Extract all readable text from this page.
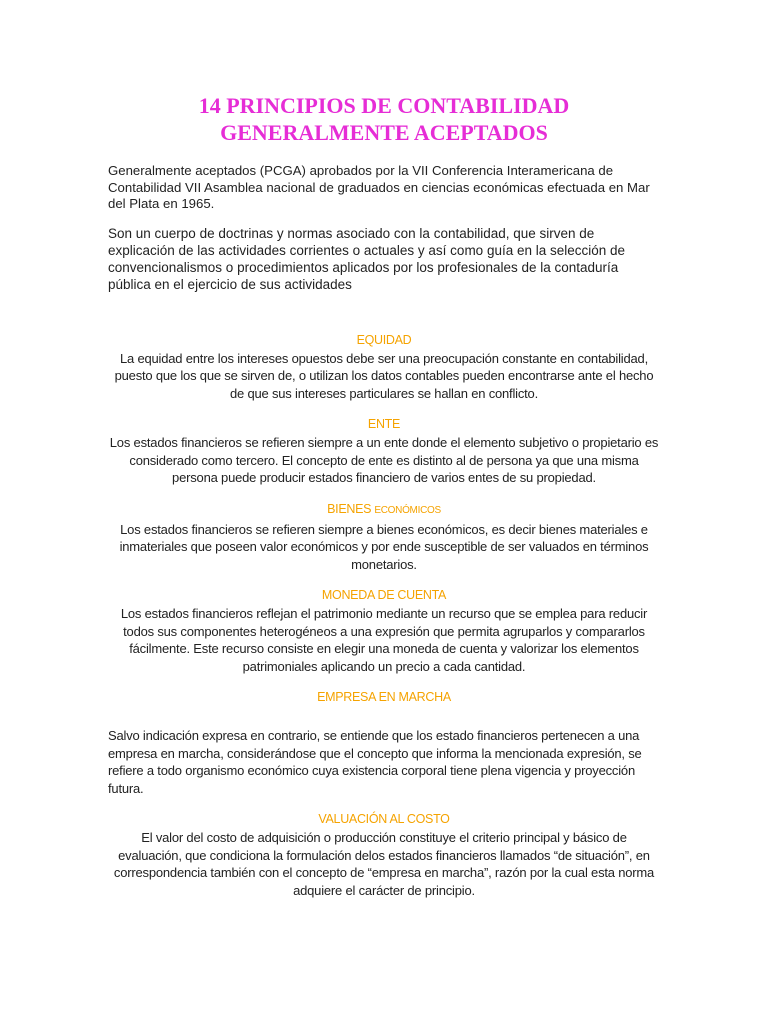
14 PRINCIPIOS DE CONTABILIDAD
GENERALMENTE ACEPTADOS

Generalmente aceptados (PCGA) aprobados por la VII Conferencia Interamericana de Contabilidad VII Asamblea nacional de graduados en ciencias económicas efectuada en Mar del Plata en 1965.

Son un cuerpo de doctrinas y normas asociado con la contabilidad, que sirven de explicación de las actividades corrientes o actuales y así como guía en la selección de convencionalismos o procedimientos aplicados por los profesionales de la contaduría pública en el ejercicio de sus actividades

EQUIDAD

La equidad entre los intereses opuestos debe ser una preocupación constante en contabilidad, puesto que los que se sirven de, o utilizan los datos contables pueden encontrarse ante el hecho de que sus intereses particulares se hallan en conflicto.

ENTE

Los estados financieros se refieren siempre a un ente donde el elemento subjetivo o propietario es considerado como tercero. El concepto de ente es distinto al de persona ya que una misma persona puede producir estados financiero de varios entes de su propiedad.

BIENES ECONÓMICOS

Los estados financieros se refieren siempre a bienes económicos, es decir bienes materiales e inmateriales que poseen valor económicos y por ende susceptible de ser valuados en términos monetarios.

MONEDA DE CUENTA

Los estados financieros reflejan el patrimonio mediante un recurso que se emplea para reducir todos sus componentes heterogéneos a una expresión que permita agruparlos y compararlos fácilmente. Este recurso consiste en elegir una moneda de cuenta y valorizar los elementos patrimoniales aplicando un precio a cada cantidad.

EMPRESA EN MARCHA

Salvo indicación expresa en contrario, se entiende que los estado financieros pertenecen a una empresa en marcha, considerándose que el concepto que informa la mencionada expresión, se refiere a todo organismo económico cuya existencia corporal tiene plena vigencia y proyección futura.

VALUACIÓN AL COSTO

El valor del costo de adquisición o producción constituye el criterio principal y básico de evaluación, que condiciona la formulación delos estados financieros llamados “de situación”, en correspondencia también con el concepto de “empresa en marcha”, razón por la cual esta norma adquiere el carácter de principio.
